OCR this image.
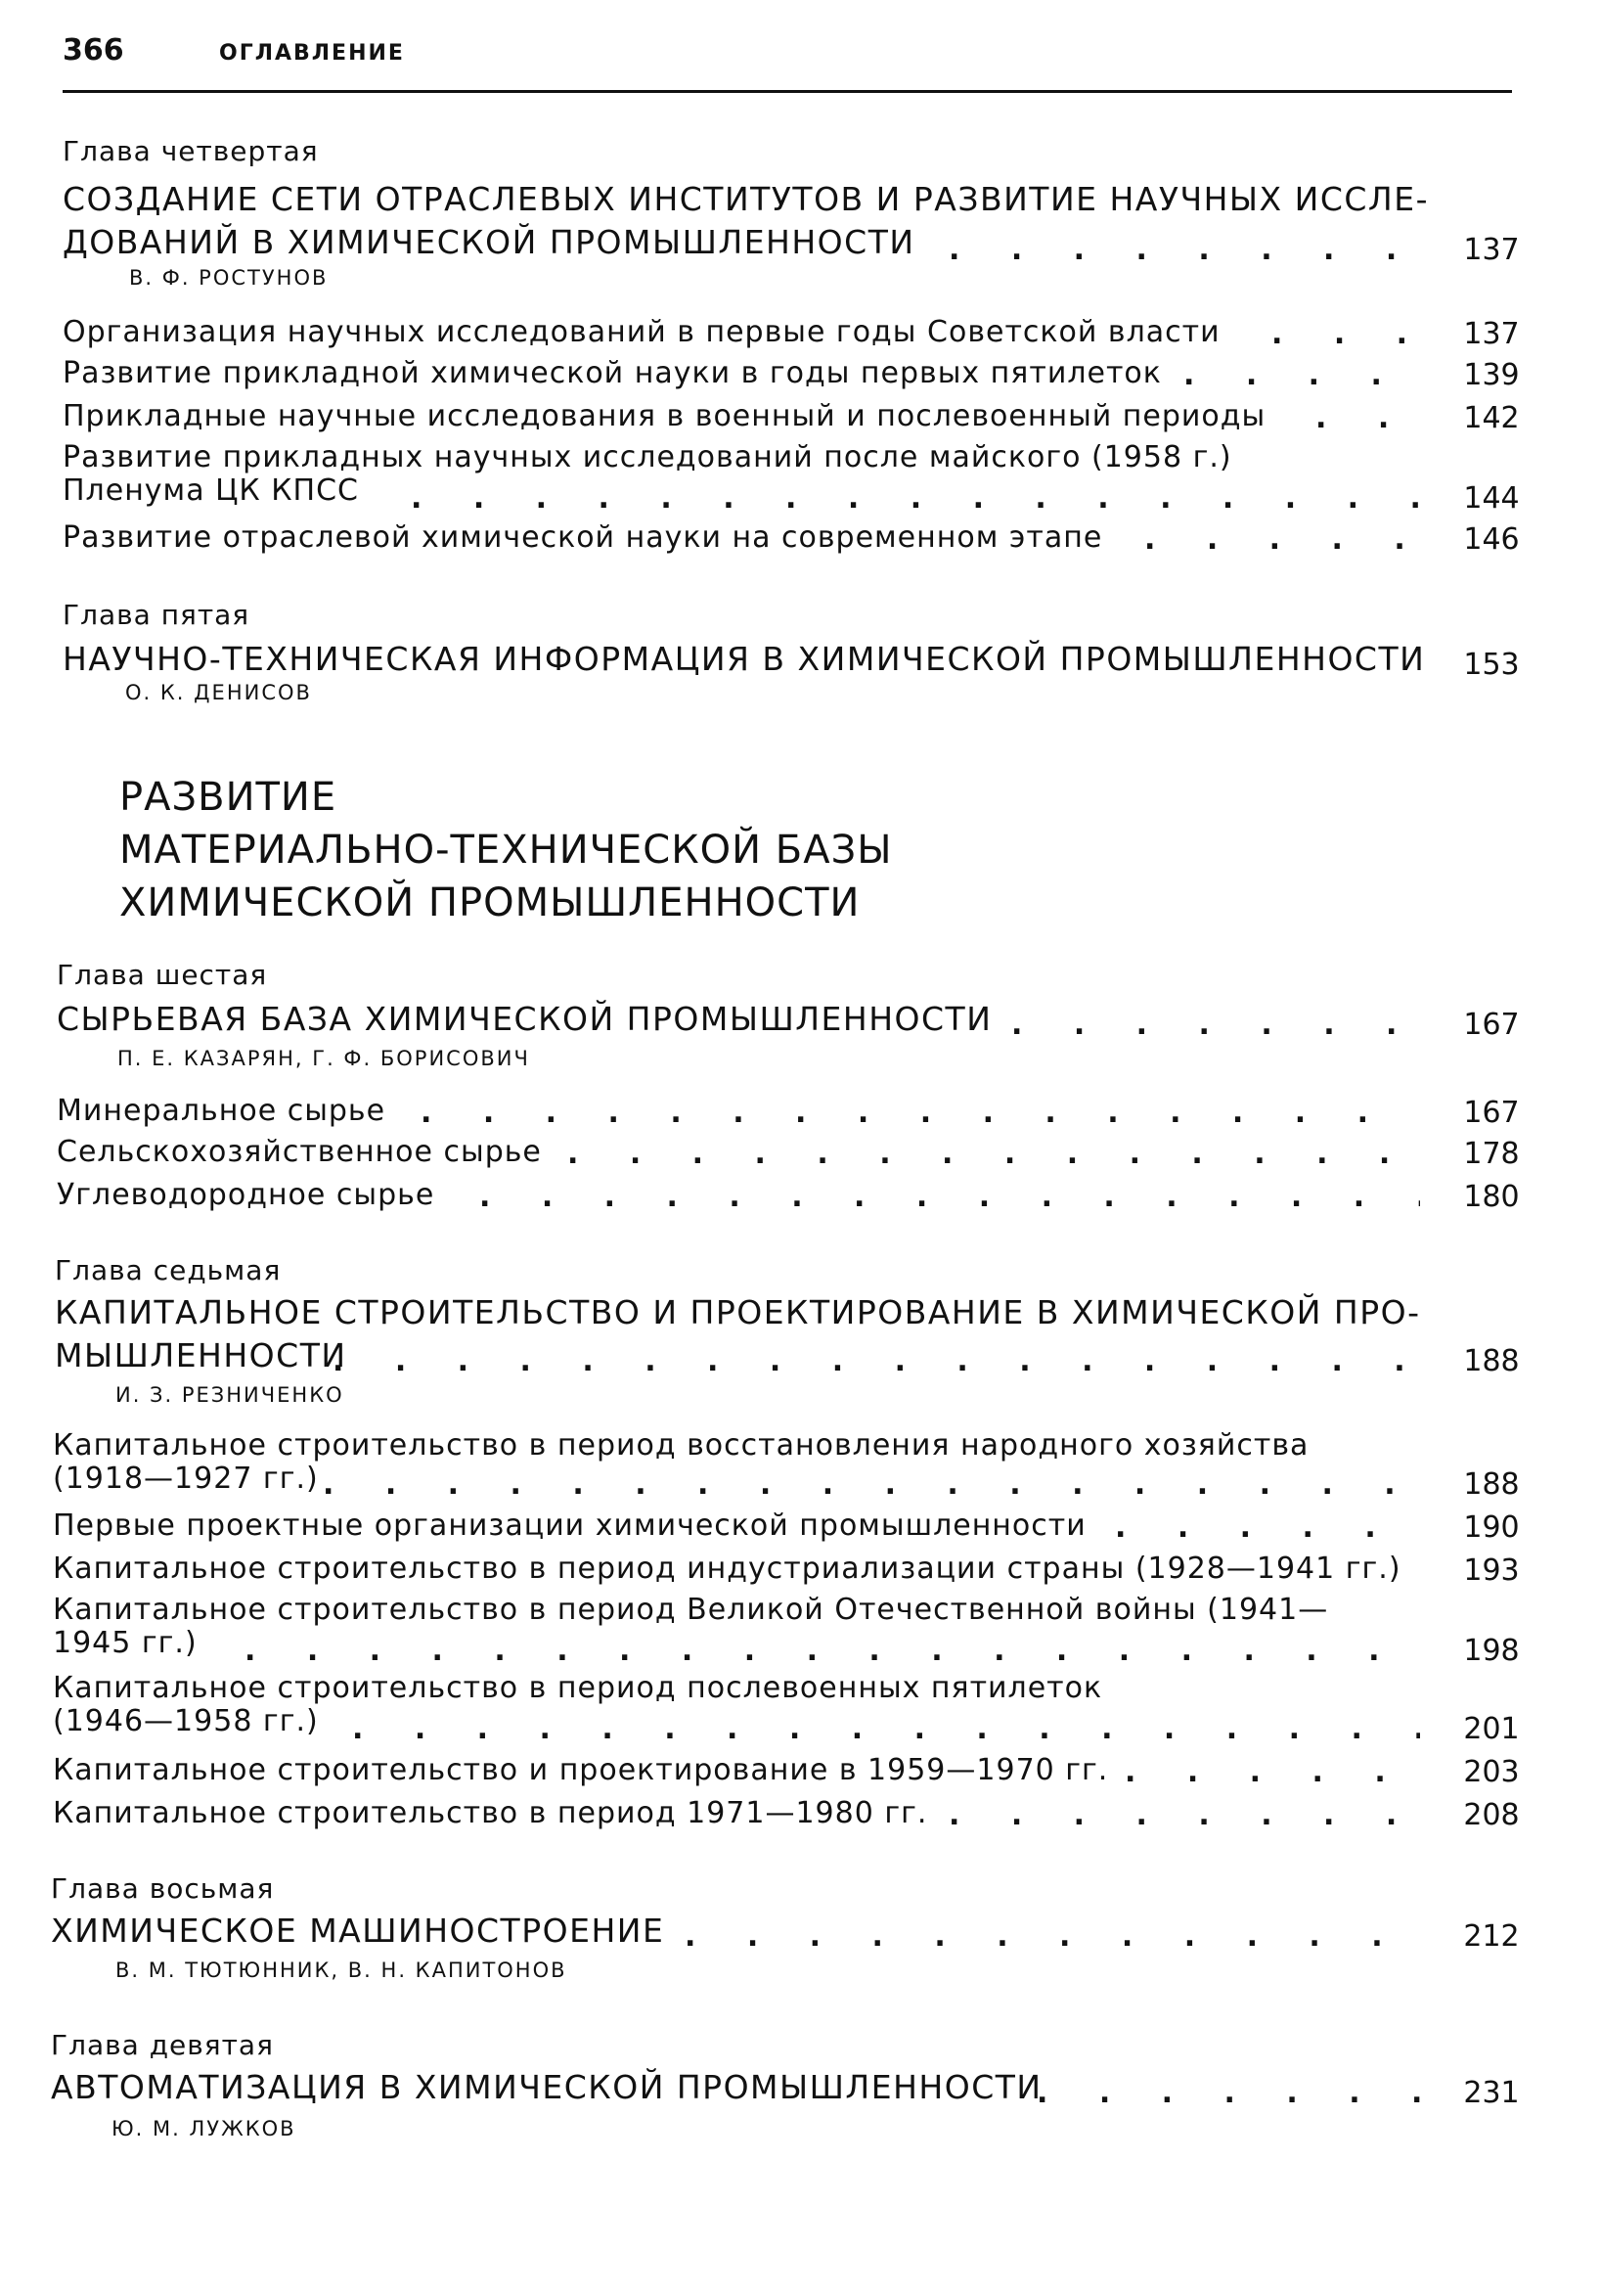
366	ОГЛАВЛЕНИЕ
Глава четвертая
СОЗДАНИЕ СЕТИ ОТРАСЛЕВЫХ ИНСТИТУТОВ И РАЗВИТИЕ НАУЧНЫХ ИССЛЕ-
ДОВАНИЙ В ХИМИЧЕСКОЙ ПРОМЫШЛЕННОСТИ . . .	137
В. Ф. РОСТУНОВ
Организация научных исследований в первые годы Советской власти . . .	137
Развитие прикладной химической науки в годы первых пятилеток . . .	139
Прикладные научные исследования в военный и послевоенный периоды . . .	142
Развитие прикладных научных исследований после майского (1958 г.)
Пленума ЦК КПСС . . .	144
Развитие отраслевой химической науки на современном этапе . . .	146
Глава пятая
НАУЧНО-ТЕХНИЧЕСКАЯ ИНФОРМАЦИЯ В ХИМИЧЕСКОЙ ПРОМЫШЛЕННОСТИ 153
О. К. ДЕНИСОВ
РАЗВИТИЕ
МАТЕРИАЛЬНО-ТЕХНИЧЕСКОЙ БАЗЫ
ХИМИЧЕСКОЙ ПРОМЫШЛЕННОСТИ
Глава шестая
СЫРЬЕВАЯ БАЗА ХИМИЧЕСКОЙ ПРОМЫШЛЕННОСТИ . . .	167
П. Е. КАЗАРЯН, Г. Ф. БОРИСОВИЧ
Минеральное сырье . . .	167
Сельскохозяйственное сырье . . .	178
Углеводородное сырье . . .	180
Глава седьмая
КАПИТАЛЬНОЕ СТРОИТЕЛЬСТВО И ПРОЕКТИРОВАНИЕ В ХИМИЧЕСКОЙ ПРО-
МЫШЛЕННОСТИ . . .	188
И. З. РЕЗНИЧЕНКО
Капитальное строительство в период восстановления народного хозяйства
(1918—1927 гг.) . . .	188
Первые проектные организации химической промышленности . . .	190
Капитальное строительство в период индустриализации страны (1928—1941 гг.) 193
Капитальное строительство в период Великой Отечественной войны (1941—
1945 гг.) . . .	198
Капитальное строительство в период послевоенных пятилеток
(1946—1958 гг.) . . .	201
Капитальное строительство и проектирование в 1959—1970 гг. . . .	203
Капитальное строительство в период 1971—1980 гг. . . .	208
Глава восьмая
ХИМИЧЕСКОЕ МАШИНОСТРОЕНИЕ . . .	212
В. М. ТЮТЮННИК, В. Н. КАПИТОНОВ
Глава девятая
АВТОМАТИЗАЦИЯ В ХИМИЧЕСКОЙ ПРОМЫШЛЕННОСТИ . . .	231
Ю. М. ЛУЖКОВ
